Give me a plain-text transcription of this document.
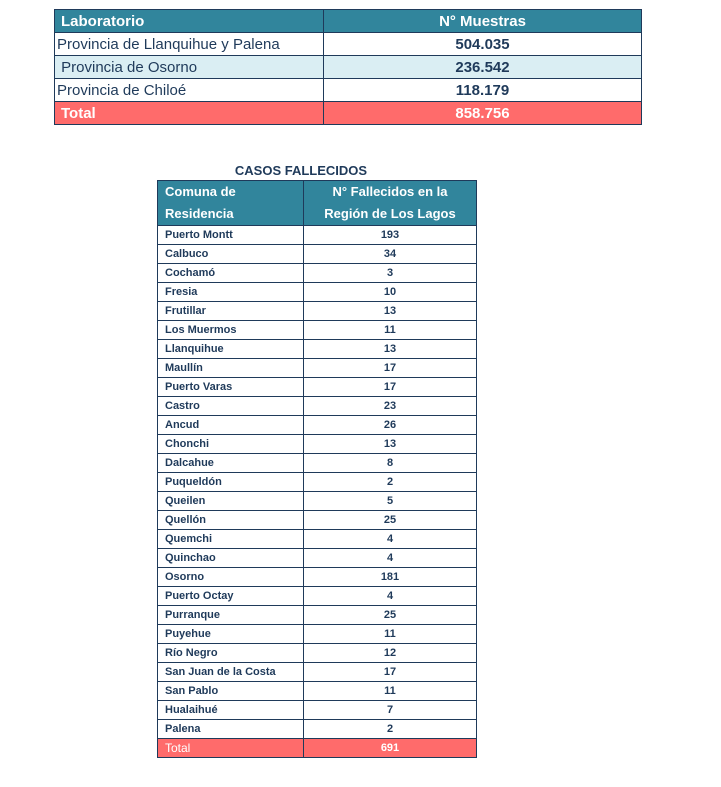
Laboratorio	N° Muestras
Provincia de Llanquihue y Palena	504.035
Provincia de Osorno	236.542
Provincia de Chiloé	118.179
Total	858.756
CASOS FALLECIDOS
Comuna de Residencia	N° Fallecidos en la Región de Los Lagos
Puerto Montt	193
Calbuco	34
Cochamó	3
Fresia	10
Frutillar	13
Los Muermos	11
Llanquihue	13
Maullín	17
Puerto Varas	17
Castro	23
Ancud	26
Chonchi	13
Dalcahue	8
Puqueldón	2
Queilen	5
Quellón	25
Quemchi	4
Quinchao	4
Osorno	181
Puerto Octay	4
Purranque	25
Puyehue	11
Río Negro	12
San Juan de la Costa	17
San Pablo	11
Hualaihué	7
Palena	2
Total	691
